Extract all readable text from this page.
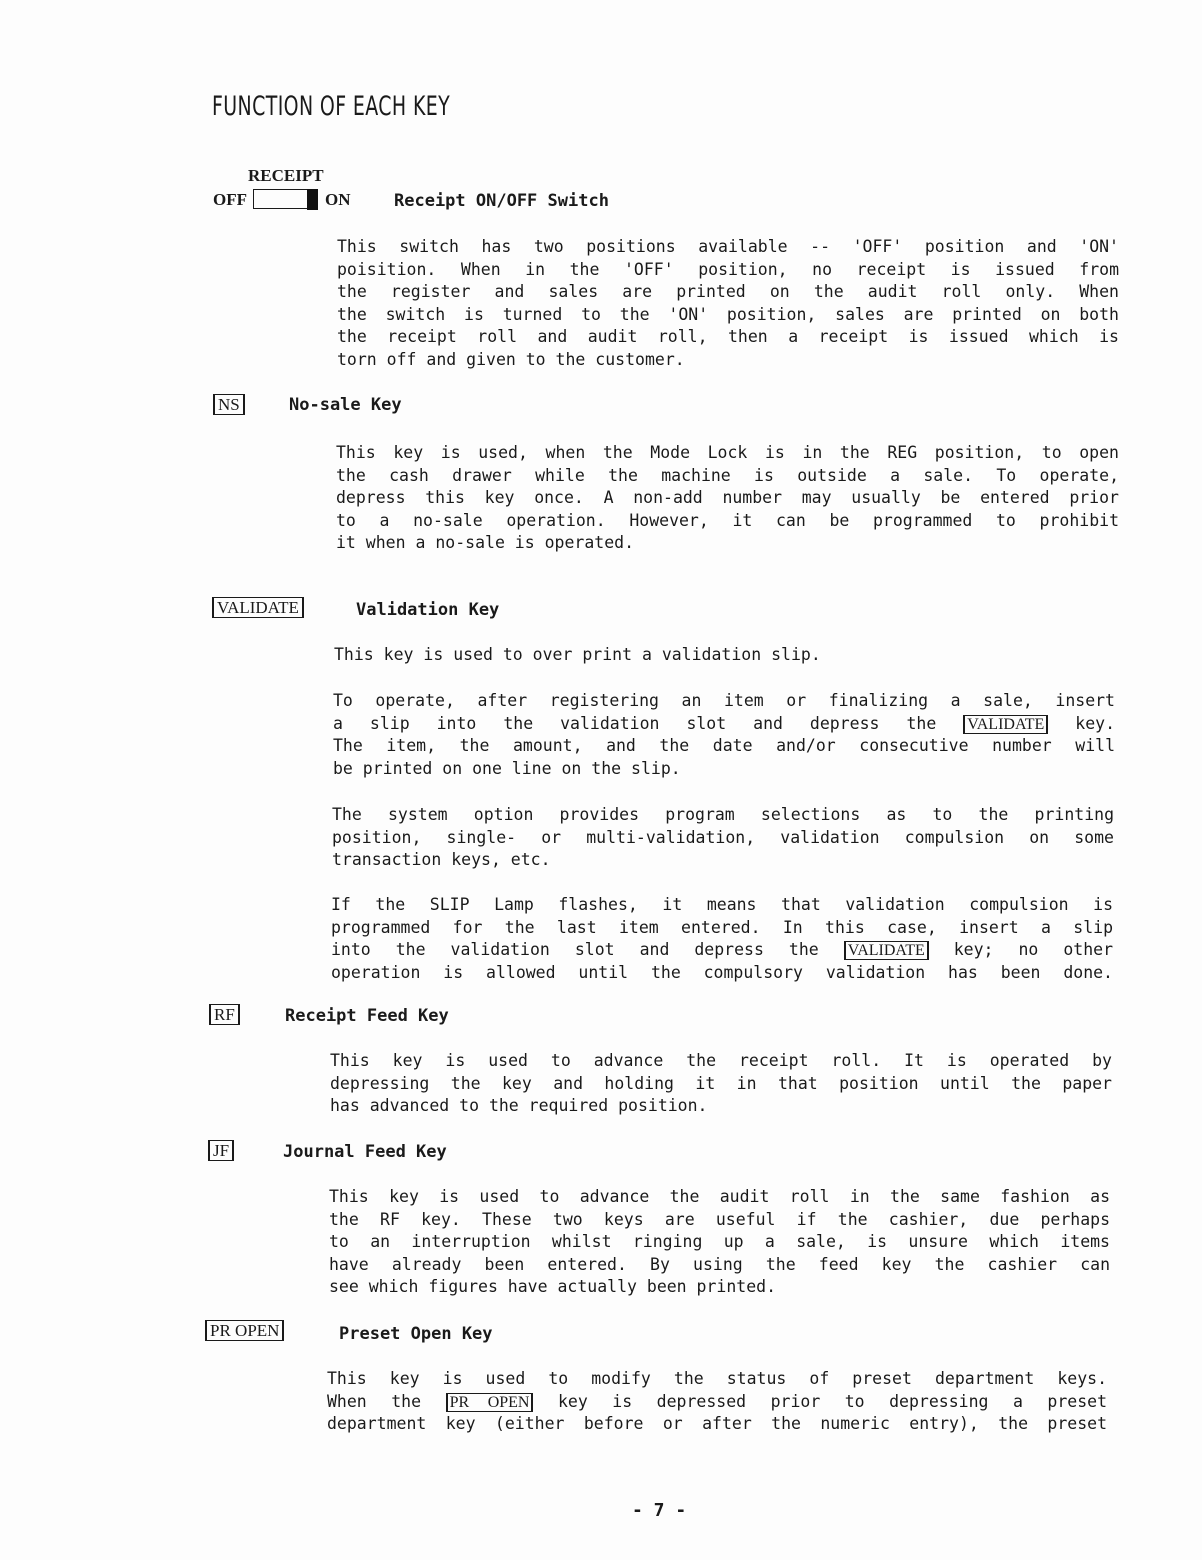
FUNCTION OF EACH KEY
RECEIPT
OFF	ON	Receipt ON/OFF Switch
This switch has two positions available -- 'OFF' position and 'ON'
poisition. When in the 'OFF' position, no receipt is issued from
the register and sales are printed on the audit roll only. When
the switch is turned to the 'ON' position, sales are printed on both
the receipt roll and audit roll, then a receipt is issued which is
torn off and given to the customer.
NS	No-sale Key
This key is used, when the Mode Lock is in the REG position, to open
the cash drawer while the machine is outside a sale. To operate,
depress this key once. A non-add number may usually be entered prior
to a no-sale operation. However, it can be programmed to prohibit
it when a no-sale is operated.
VALIDATE	Validation Key
This key is used to over print a validation slip.
To operate, after registering an item or finalizing a sale, insert
a slip into the validation slot and depress the VALIDATE key.
The item, the amount, and the date and/or consecutive number will
be printed on one line on the slip.
The system option provides program selections as to the printing
position, single- or multi-validation, validation compulsion on some
transaction keys, etc.
If the SLIP Lamp flashes, it means that validation compulsion is
programmed for the last item entered. In this case, insert a slip
into the validation slot and depress the VALIDATE key; no other
operation is allowed until the compulsory validation has been done.
RF	Receipt Feed Key
This key is used to advance the receipt roll. It is operated by
depressing the key and holding it in that position until the paper
has advanced to the required position.
JF	Journal Feed Key
This key is used to advance the audit roll in the same fashion as
the RF key. These two keys are useful if the cashier, due perhaps
to an interruption whilst ringing up a sale, is unsure which items
have already been entered. By using the feed key the cashier can
see which figures have actually been printed.
PR OPEN	Preset Open Key
This key is used to modify the status of preset department keys.
When the PR OPEN key is depressed prior to depressing a preset
department key (either before or after the numeric entry), the preset
- 7 -
